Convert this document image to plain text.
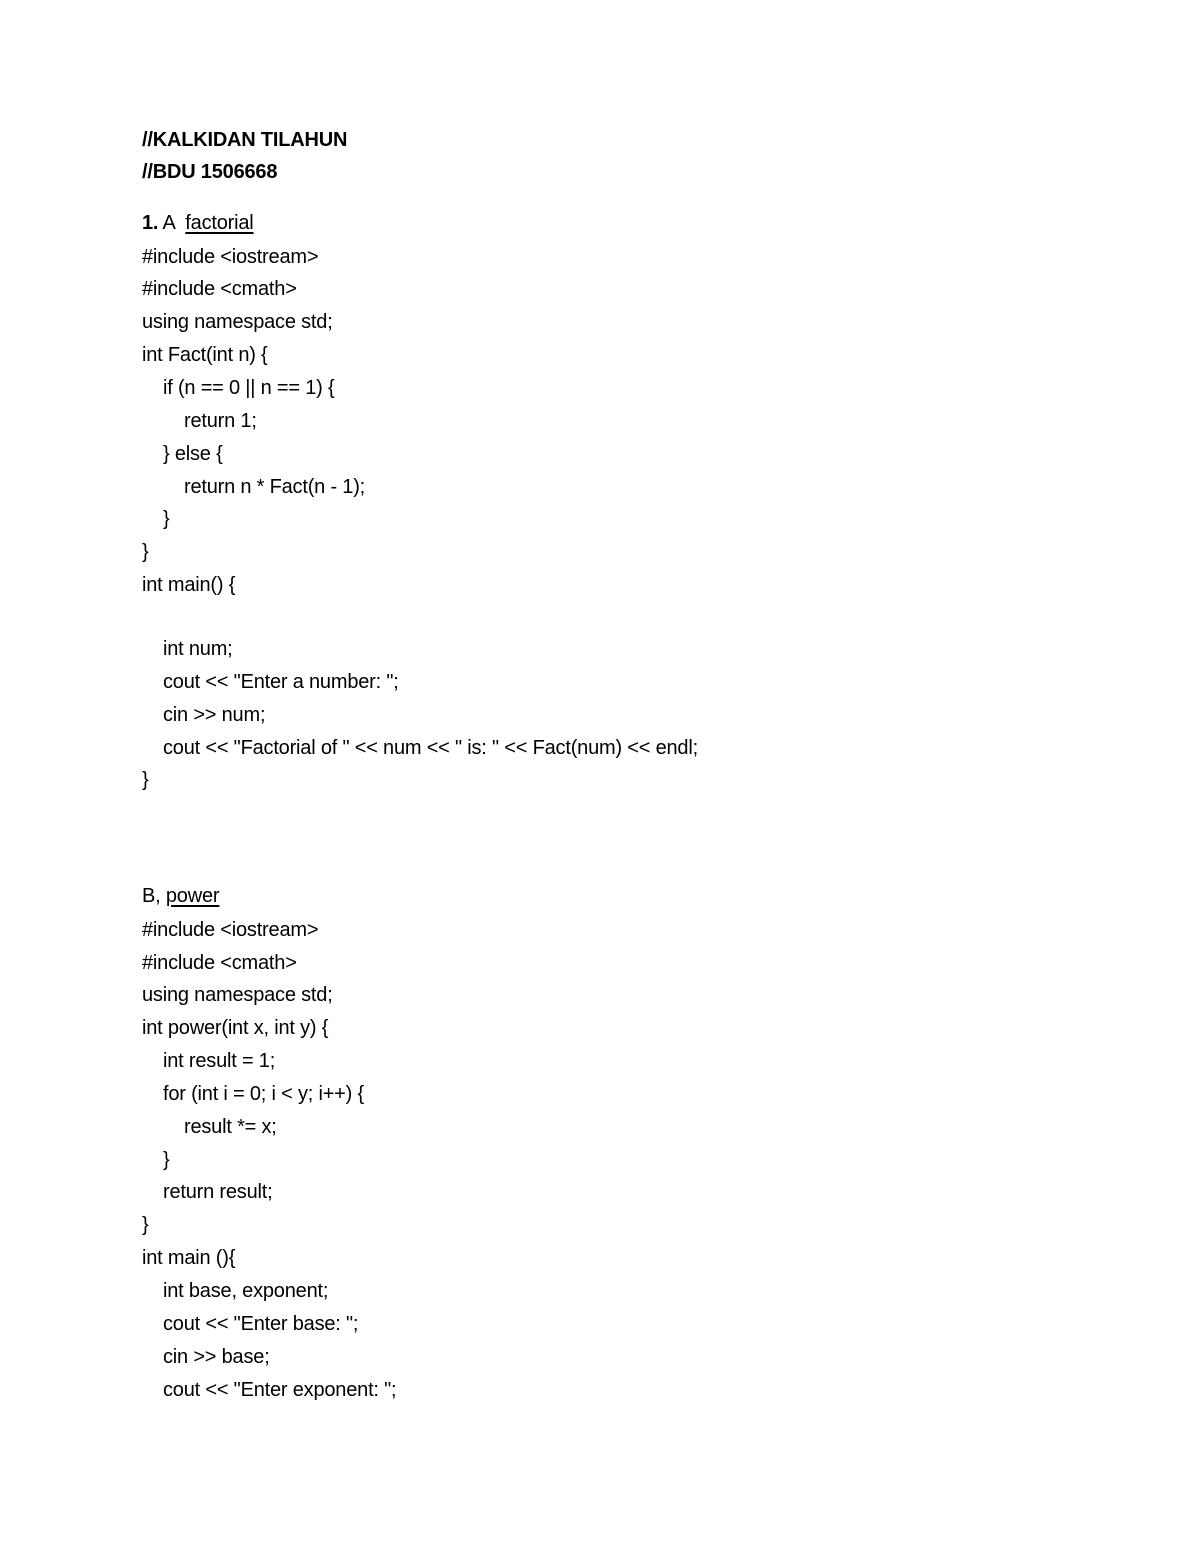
//KALKIDAN TILAHUN
//BDU 1506668
1. A  factorial
#include <iostream>
#include <cmath>
using namespace std;
int Fact(int n) {
if (n == 0 || n == 1) {
return 1;
} else {
return n * Fact(n - 1);
}
}
int main() {
int num;
cout << "Enter a number: ";
cin >> num;
cout << "Factorial of " << num << " is: " << Fact(num) << endl;
}
B, power
#include <iostream>
#include <cmath>
using namespace std;
int power(int x, int y) {
int result = 1;
for (int i = 0; i < y; i++) {
result *= x;
}
return result;
}
int main (){
int base, exponent;
cout << "Enter base: ";
cin >> base;
cout << "Enter exponent: ";
